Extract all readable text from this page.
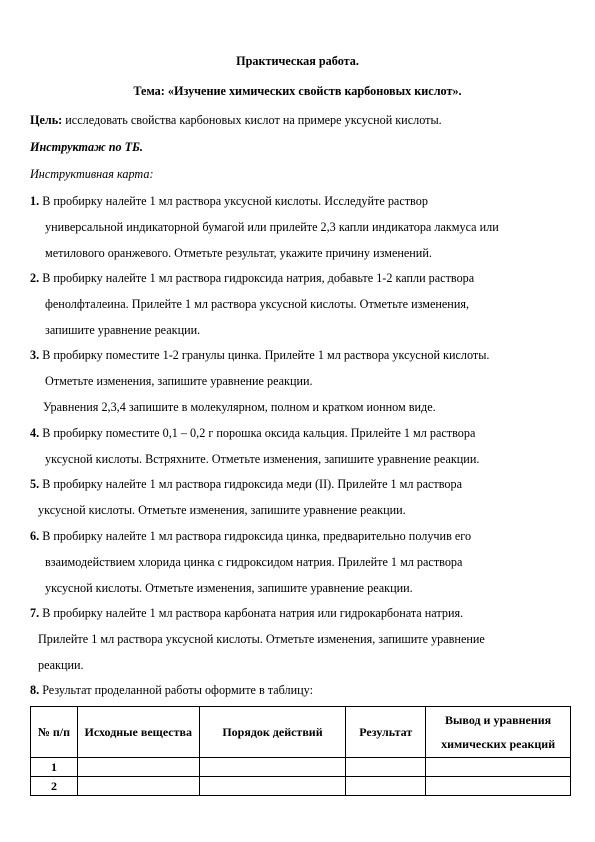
Практическая работа.
Тема: «Изучение химических свойств карбоновых кислот».
Цель: исследовать свойства карбоновых кислот на примере уксусной кислоты.
Инструктаж по ТБ.
Инструктивная карта:
1. В пробирку налейте 1 мл раствора уксусной кислоты. Исследуйте раствор
универсальной индикаторной бумагой или прилейте 2,3 капли индикатора лакмуса или
метилового оранжевого. Отметьте результат, укажите причину изменений.
2. В пробирку налейте 1 мл раствора гидроксида натрия, добавьте 1-2 капли раствора
фенолфталеина. Прилейте 1 мл раствора уксусной кислоты. Отметьте изменения,
запишите уравнение реакции.
3. В пробирку поместите 1-2 гранулы цинка. Прилейте 1 мл раствора уксусной кислоты.
Отметьте изменения, запишите уравнение реакции.
Уравнения 2,3,4 запишите в молекулярном, полном и кратком ионном виде.
4. В пробирку поместите 0,1 – 0,2 г порошка оксида кальция. Прилейте 1 мл раствора
уксусной кислоты. Встряхните. Отметьте изменения, запишите уравнение реакции.
5. В пробирку налейте 1 мл раствора гидроксида меди (II). Прилейте 1 мл раствора
уксусной кислоты. Отметьте изменения, запишите уравнение реакции.
6. В пробирку налейте 1 мл раствора гидроксида цинка, предварительно получив его
взаимодействием хлорида цинка с гидроксидом натрия. Прилейте 1 мл раствора
уксусной кислоты. Отметьте изменения, запишите уравнение реакции.
7. В пробирку налейте 1 мл раствора карбоната натрия или гидрокарбоната натрия.
Прилейте 1 мл раствора уксусной кислоты. Отметьте изменения, запишите уравнение
реакции.
8. Результат проделанной работы оформите в таблицу:
№ п/п	Исходные вещества	Порядок действий	Результат	Вывод и уравнения химических реакций
1				
2				
